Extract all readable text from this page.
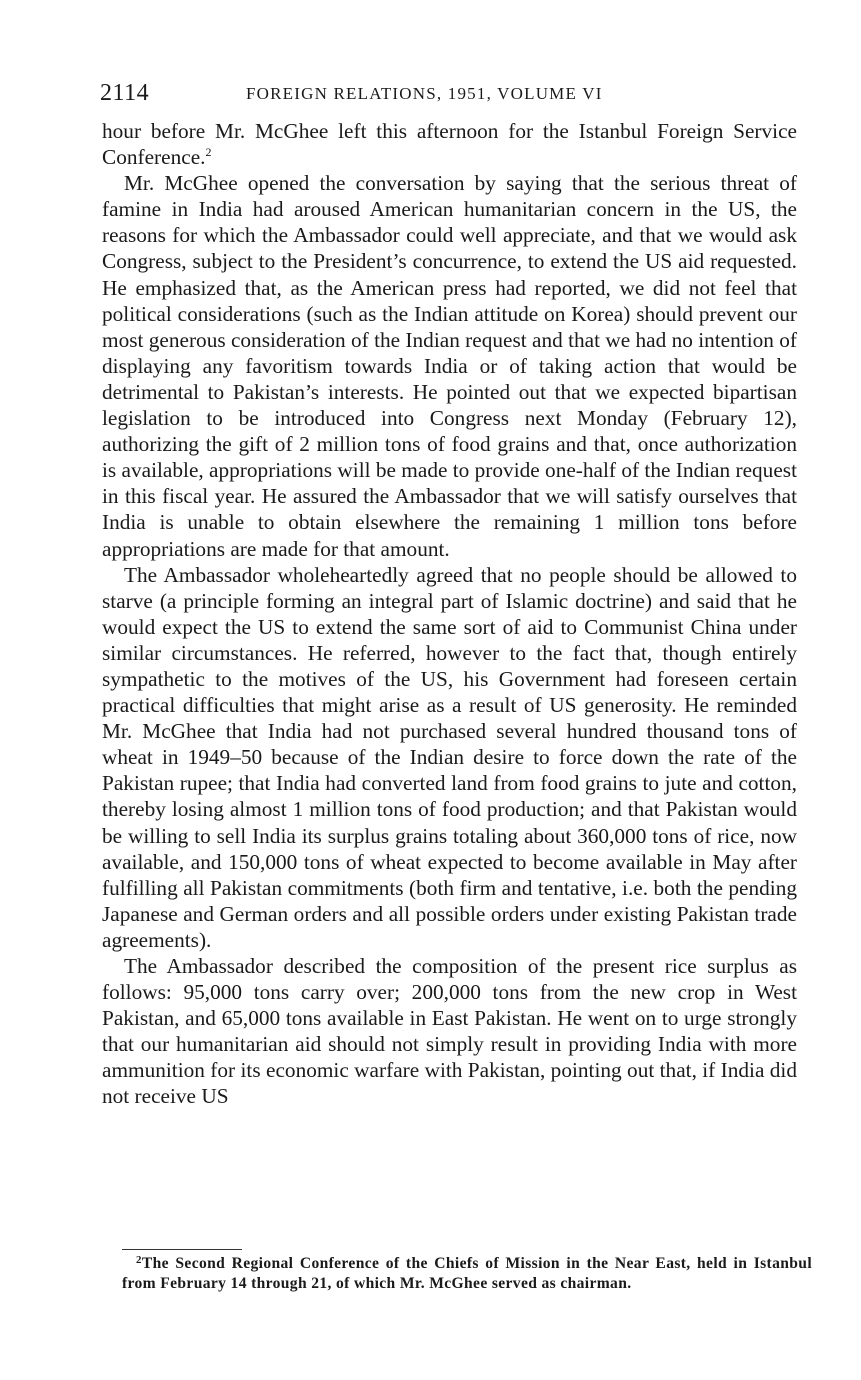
2114	FOREIGN RELATIONS, 1951, VOLUME VI

hour before Mr. McGhee left this afternoon for the Istanbul Foreign Service Conference.$^2$

Mr. McGhee opened the conversation by saying that the serious threat of famine in India had aroused American humanitarian concern in the US, the reasons for which the Ambassador could well appreciate, and that we would ask Congress, subject to the President’s concurrence, to extend the US aid requested. He emphasized that, as the American press had reported, we did not feel that political considerations (such as the Indian attitude on Korea) should prevent our most generous consideration of the Indian request and that we had no intention of displaying any favoritism towards India or of taking action that would be detrimental to Pakistan’s interests. He pointed out that we expected bipartisan legislation to be introduced into Congress next Monday (February 12), authorizing the gift of 2 million tons of food grains and that, once authorization is available, appropriations will be made to provide one-half of the Indian request in this fiscal year. He assured the Ambassador that we will satisfy ourselves that India is unable to obtain elsewhere the remaining 1 million tons before appropriations are made for that amount.

The Ambassador wholeheartedly agreed that no people should be allowed to starve (a principle forming an integral part of Islamic doctrine) and said that he would expect the US to extend the same sort of aid to Communist China under similar circumstances. He referred, however to the fact that, though entirely sympathetic to the motives of the US, his Government had foreseen certain practical difficulties that might arise as a result of US generosity. He reminded Mr. McGhee that India had not purchased several hundred thousand tons of wheat in 1949–50 because of the Indian desire to force down the rate of the Pakistan rupee; that India had converted land from food grains to jute and cotton, thereby losing almost 1 million tons of food production; and that Pakistan would be willing to sell India its surplus grains totaling about 360,000 tons of rice, now available, and 150,000 tons of wheat expected to become available in May after fulfilling all Pakistan commitments (both firm and tentative, i.e. both the pending Japanese and German orders and all possible orders under existing Pakistan trade agreements).

The Ambassador described the composition of the present rice surplus as follows: 95,000 tons carry over; 200,000 tons from the new crop in West Pakistan, and 65,000 tons available in East Pakistan. He went on to urge strongly that our humanitarian aid should not simply result in providing India with more ammunition for its economic warfare with Pakistan, pointing out that, if India did not receive US

$^2$The Second Regional Conference of the Chiefs of Mission in the Near East, held in Istanbul from February 14 through 21, of which Mr. McGhee served as chairman.
